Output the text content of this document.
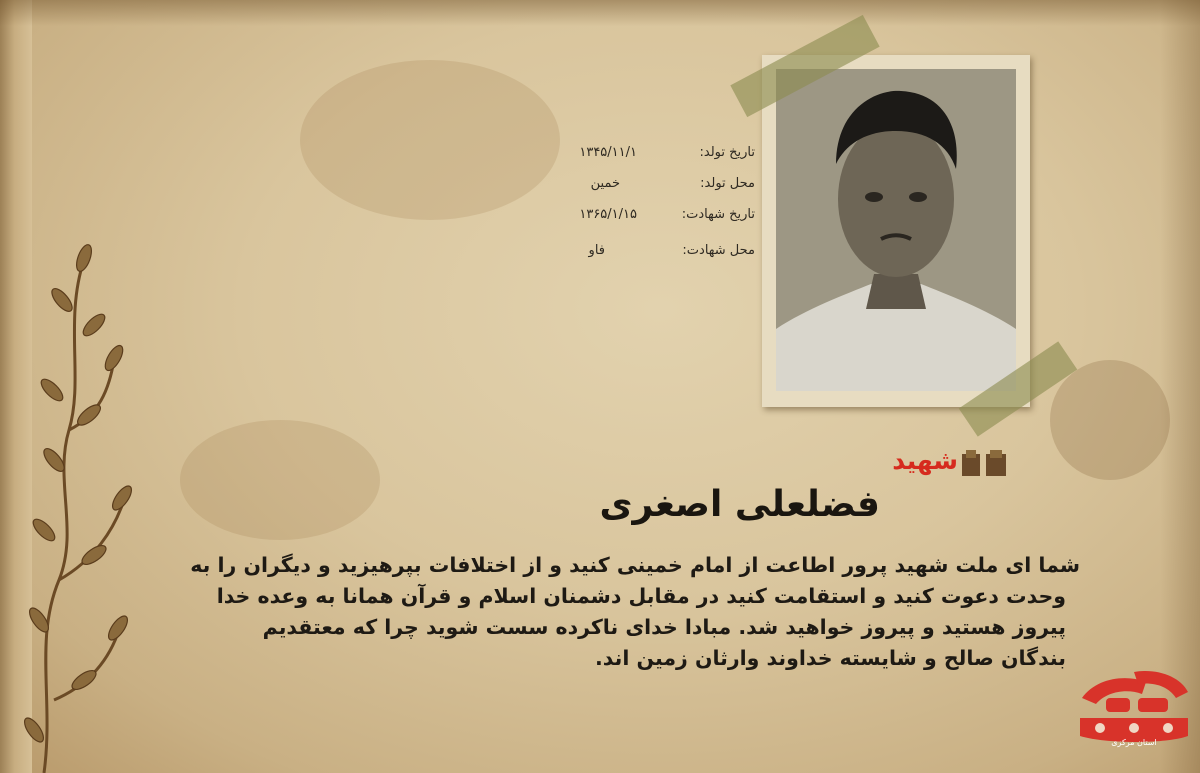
تاریخ تولد:
۱۳۴۵/۱۱/۱
محل تولد:
خمین
تاریخ شهادت:
۱۳۶۵/۱/۱۵
محل شهادت:
فاو
شهید
فضلعلی اصغری
شما ای ملت شهید پرور اطاعت از امام خمینی کنید و از اختلافات بپرهیزید و دیگران را به
وحدت دعوت کنید و استقامت کنید در مقابل دشمنان اسلام و قرآن همانا به وعده خدا
پیروز هستید و پیروز خواهید شد. مبادا خدای ناکرده سست شوید چرا که معتقدیم
بندگان صالح و شایسته خداوند وارثان زمین اند.
استان مرکزی
